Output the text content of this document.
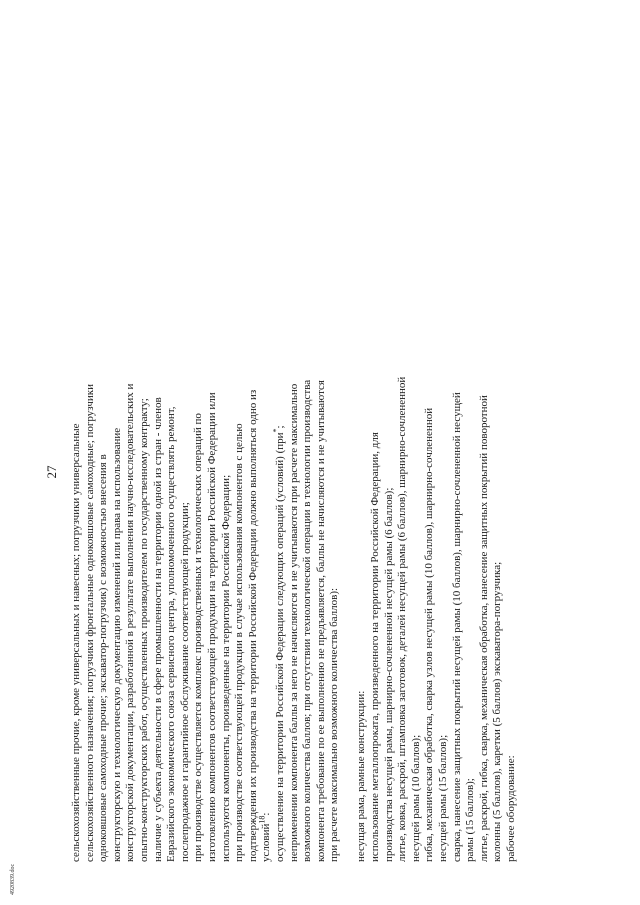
27 сельскохозяйственные прочие, кроме универсальных и навесных; погрузчики универсальные сельскохозяйственного назначения; погрузчики фронтальные одноковшовые самоходные; погрузчики одноковшовые самоходные прочие; экскаватор-погрузчик) с возможностью внесения в конструкторскую и технологическую документацию изменений или права на использование конструкторской документации, разработанной в результате выполнения научно-исследовательских и опытно-конструкторских работ, осуществленных производителем по государственному контракту; наличие у субъекта деятельности в сфере промышленности на территории одной из стран - членов Евразийского экономического союза сервисного центра, уполномоченного осуществлять ремонт, послепродажное и гарантийное обслуживание соответствующей продукции; при производстве осуществляется комплекс производственных и технологических операций по изготовлению компонентов соответствующей продукции на территории Российской Федерации или используются компоненты, произведенные на территории Российской Федерации; при производстве соответствующей продукции в случае использования компонентов с целью подтверждения их производства на территории Российской Федерации должно выполняться одно из условий$^{18}$: осуществление на территории Российской Федерации следующих операций (условий) (при*; неприменении компонента баллы за него не начисляются и не учитываются при расчете максимально возможного количества баллов; при отсутствии технологической операции в технологии производства компонента требование по ее выполнению не предъявляется, баллы не начисляются и не учитываются при расчете максимально возможного количества баллов): несущая рама, рамные конструкции: использование металлопроката, произведенного на территории Российской Федерации, для производства несущей рамы, шарнирно-сочлененной несущей рамы (6 баллов); литье, ковка, раскрой, штамповка заготовок, деталей несущей рамы (6 баллов), шарнирно-сочлененной несущей рамы (10 баллов); гибка, механическая обработка, сварка узлов несущей рамы (10 баллов), шарнирно-сочлененной несущей рамы (15 баллов); сварка, нанесение защитных покрытий несущей рамы (10 баллов), шарнирно-сочлененной несущей рамы (15 баллов); литье, раскрой, гибка, сварка, механическая обработка, нанесение защитных покрытий поворотной колонны (5 баллов), каретки (5 баллов) экскаватора-погрузчика; рабочее оборудование:
4920839.doc
